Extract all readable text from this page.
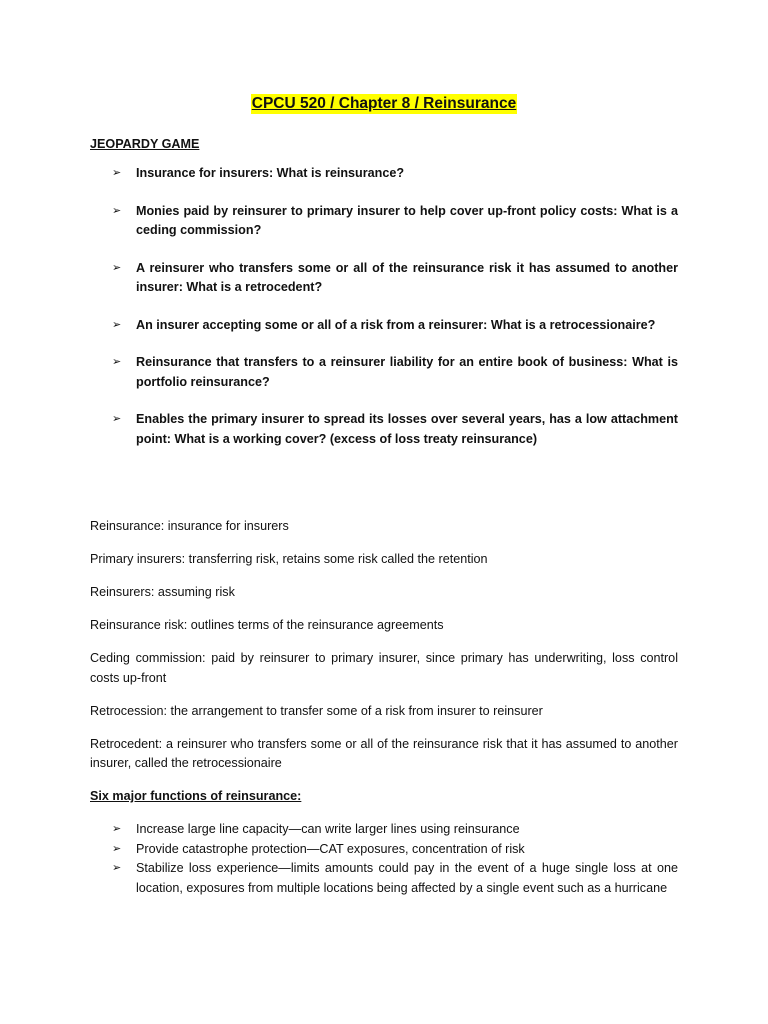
CPCU 520 / Chapter 8 / Reinsurance
JEOPARDY GAME
➢ Insurance for insurers: What is reinsurance?
➢ Monies paid by reinsurer to primary insurer to help cover up-front policy costs: What is a ceding commission?
➢ A reinsurer who transfers some or all of the reinsurance risk it has assumed to another insurer: What is a retrocedent?
➢ An insurer accepting some or all of a risk from a reinsurer: What is a retrocessionaire?
➢ Reinsurance that transfers to a reinsurer liability for an entire book of business: What is portfolio reinsurance?
➢ Enables the primary insurer to spread its losses over several years, has a low attachment point: What is a working cover? (excess of loss treaty reinsurance)

Reinsurance: insurance for insurers

Primary insurers: transferring risk, retains some risk called the retention

Reinsurers: assuming risk

Reinsurance risk: outlines terms of the reinsurance agreements

Ceding commission: paid by reinsurer to primary insurer, since primary has underwriting, loss control costs up-front

Retrocession: the arrangement to transfer some of a risk from insurer to reinsurer

Retrocedent: a reinsurer who transfers some or all of the reinsurance risk that it has assumed to another insurer, called the retrocessionaire

Six major functions of reinsurance:

➢ Increase large line capacity—can write larger lines using reinsurance
➢ Provide catastrophe protection—CAT exposures, concentration of risk
➢ Stabilize loss experience—limits amounts could pay in the event of a huge single loss at one location, exposures from multiple locations being affected by a single event such as a hurricane
